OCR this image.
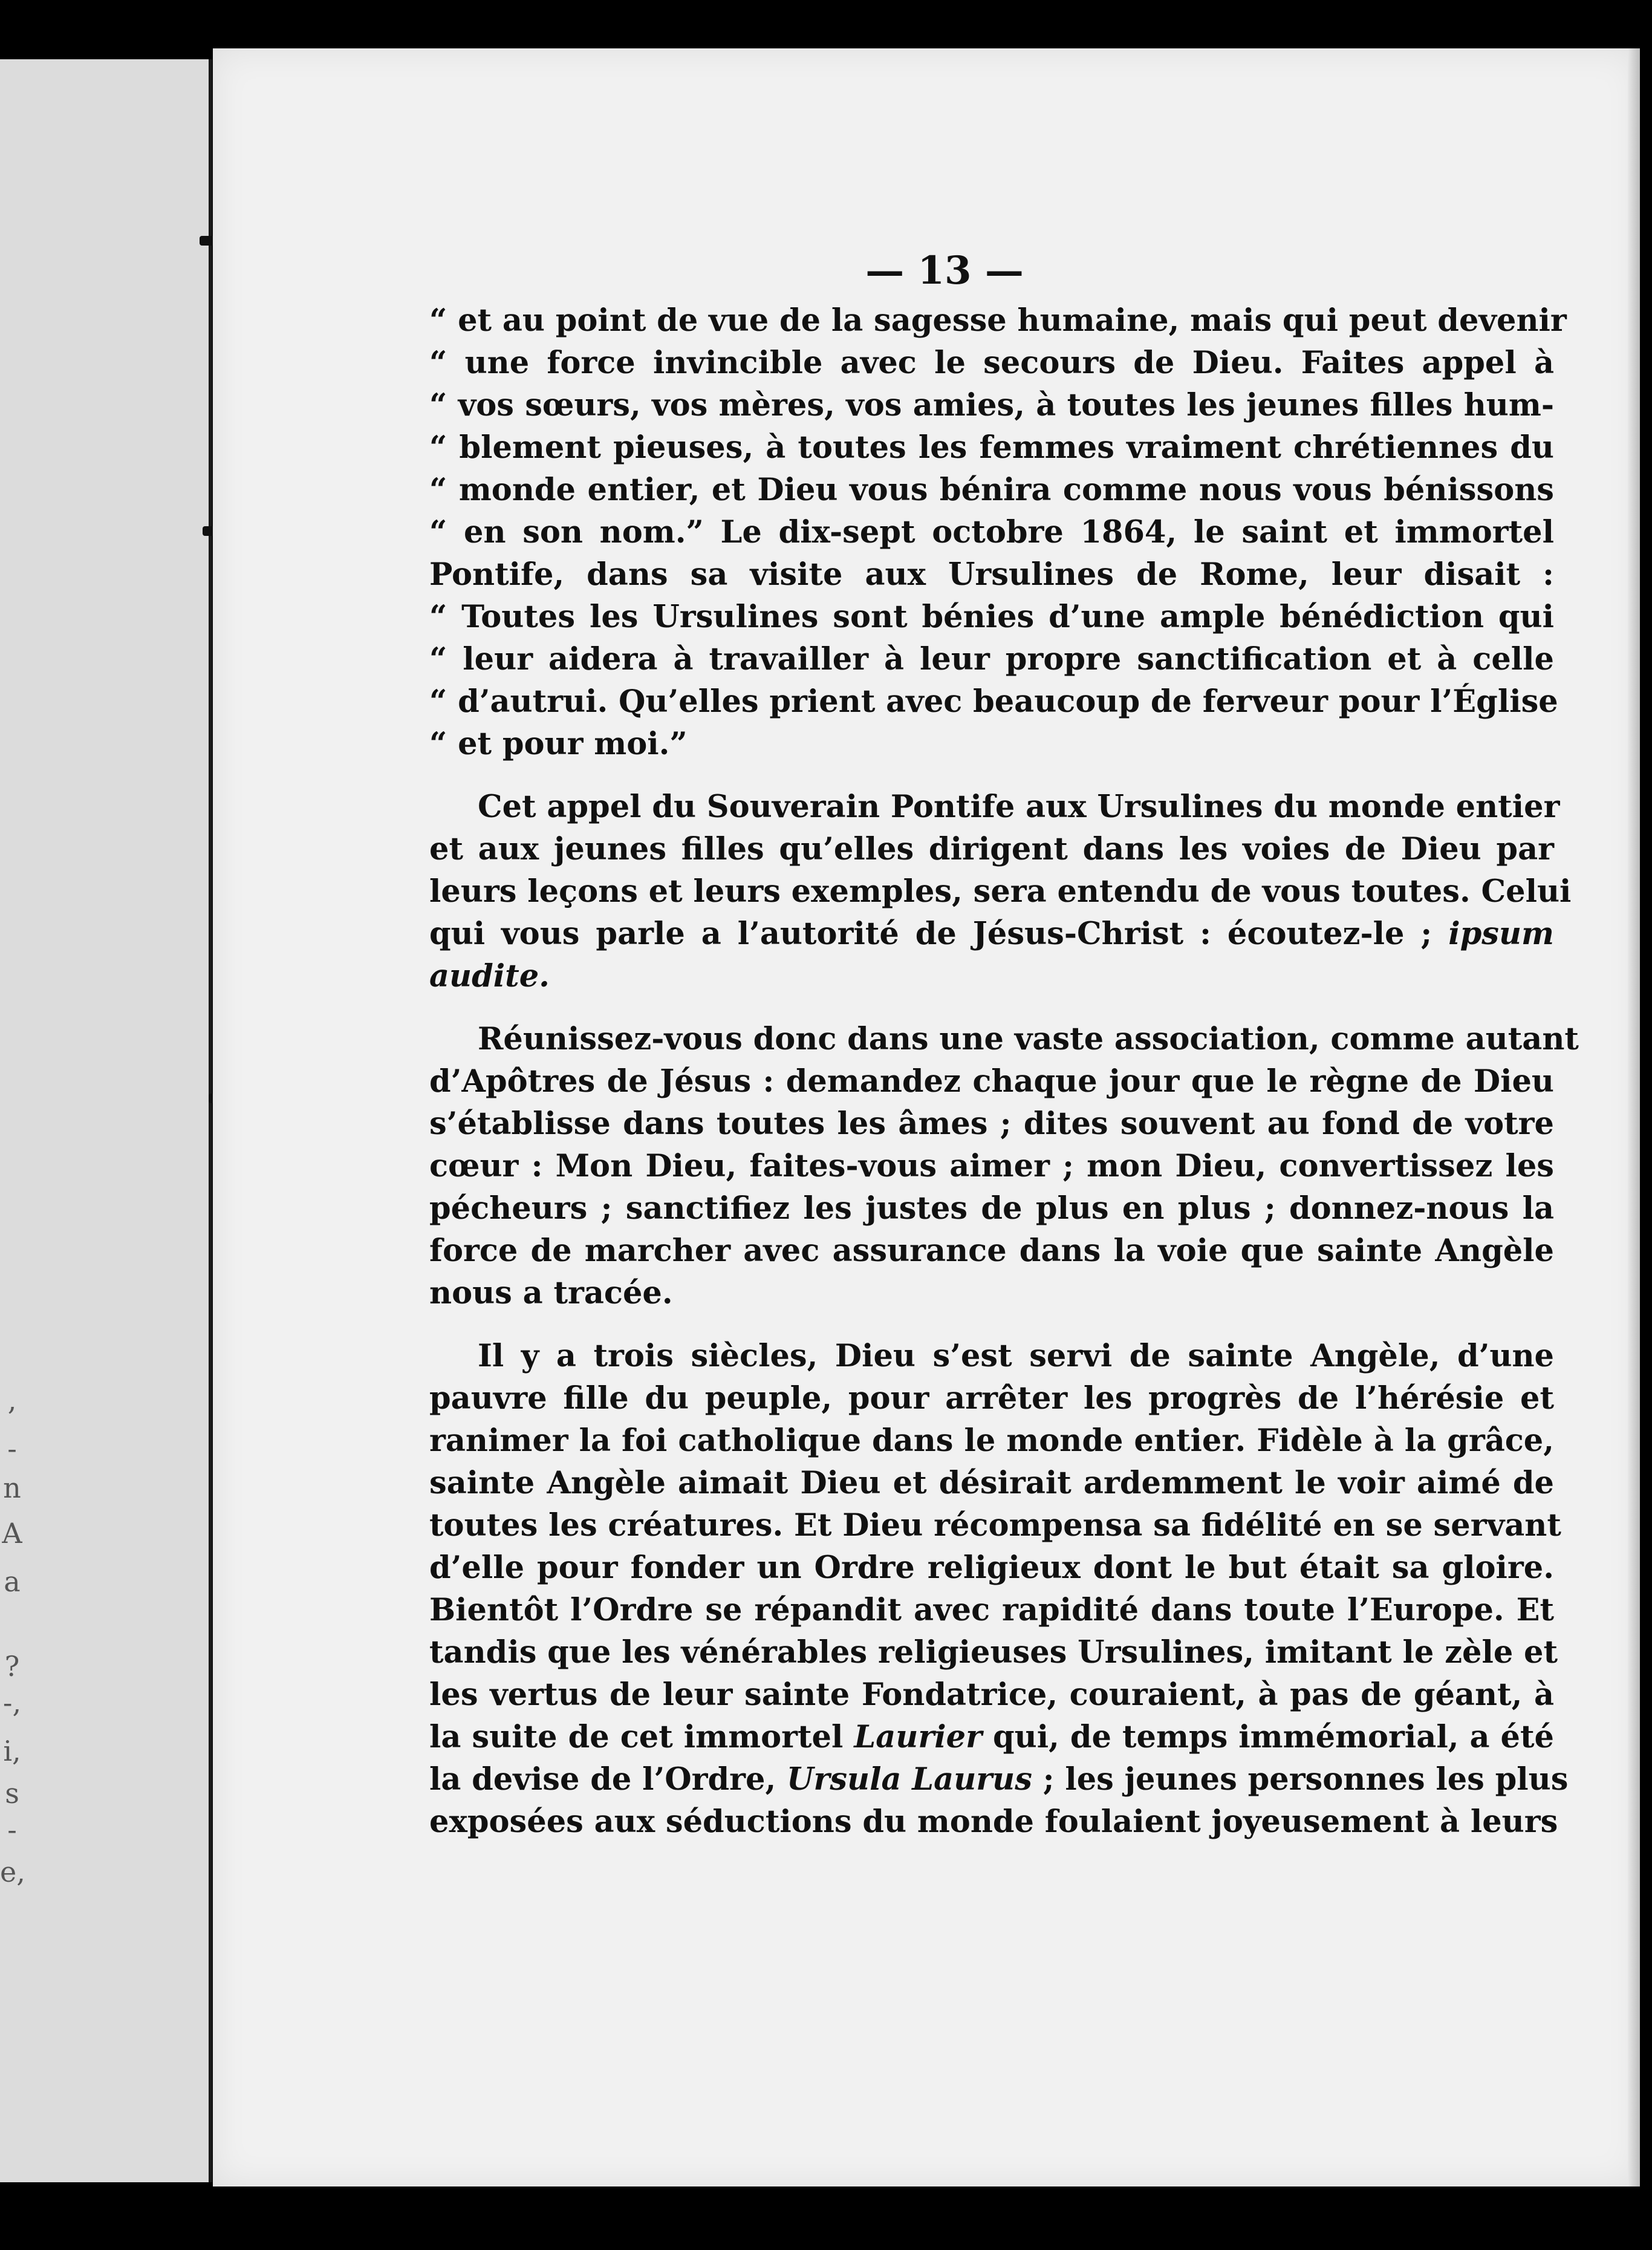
,
-
n
A
a
?
-,
i,
s
-
e,
— 13 —
“ et au point de vue de la sagesse humaine, mais qui peut devenir
“ une force invincible avec le secours de Dieu. Faites appel à
“ vos sœurs, vos mères, vos amies, à toutes les jeunes filles hum-
“ blement pieuses, à toutes les femmes vraiment chrétiennes du
“ monde entier, et Dieu vous bénira comme nous vous bénissons
“ en son nom.” Le dix-sept octobre 1864, le saint et immortel
Pontife, dans sa visite aux Ursulines de Rome, leur disait :
“ Toutes les Ursulines sont bénies d’une ample bénédiction qui
“ leur aidera à travailler à leur propre sanctification et à celle
“ d’autrui. Qu’elles prient avec beaucoup de ferveur pour l’Église
“ et pour moi.”
Cet appel du Souverain Pontife aux Ursulines du monde entier
et aux jeunes filles qu’elles dirigent dans les voies de Dieu par
leurs leçons et leurs exemples, sera entendu de vous toutes. Celui
qui vous parle a l’autorité de Jésus-Christ : écoutez-le ; ipsum
audite.
Réunissez-vous donc dans une vaste association, comme autant
d’Apôtres de Jésus : demandez chaque jour que le règne de Dieu
s’établisse dans toutes les âmes ; dites souvent au fond de votre
cœur : Mon Dieu, faites-vous aimer ; mon Dieu, convertissez les
pécheurs ; sanctifiez les justes de plus en plus ; donnez-nous la
force de marcher avec assurance dans la voie que sainte Angèle
nous a tracée.
Il y a trois siècles, Dieu s’est servi de sainte Angèle, d’une
pauvre fille du peuple, pour arrêter les progrès de l’hérésie et
ranimer la foi catholique dans le monde entier. Fidèle à la grâce,
sainte Angèle aimait Dieu et désirait ardemment le voir aimé de
toutes les créatures. Et Dieu récompensa sa fidélité en se servant
d’elle pour fonder un Ordre religieux dont le but était sa gloire.
Bientôt l’Ordre se répandit avec rapidité dans toute l’Europe. Et
tandis que les vénérables religieuses Ursulines, imitant le zèle et
les vertus de leur sainte Fondatrice, couraient, à pas de géant, à
la suite de cet immortel Laurier qui, de temps immémorial, a été
la devise de l’Ordre, Ursula Laurus ; les jeunes personnes les plus
exposées aux séductions du monde foulaient joyeusement à leurs
